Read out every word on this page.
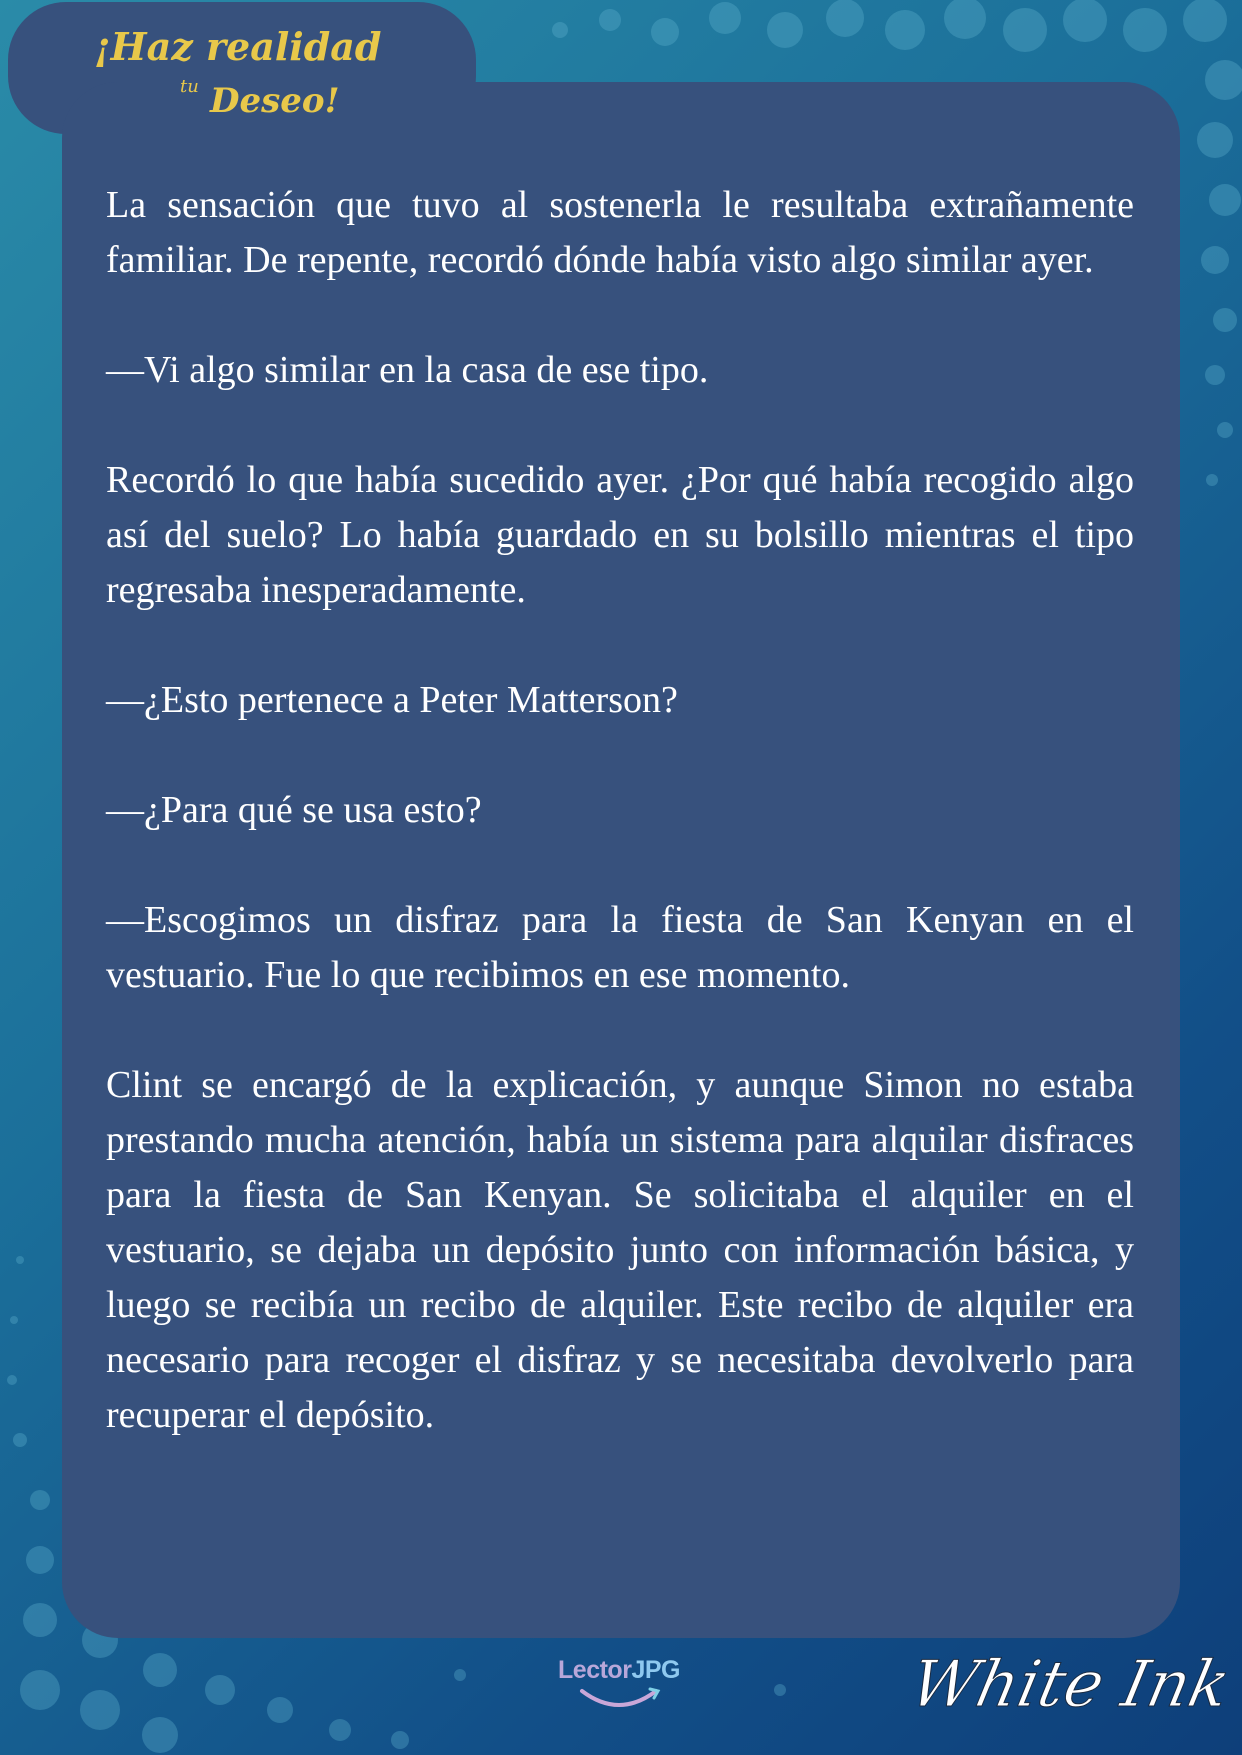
¡Haz realidad
tu Deseo!

La sensación que tuvo al sostenerla le resultaba extrañamente familiar. De repente, recordó dónde había visto algo similar ayer.

—Vi algo similar en la casa de ese tipo.

Recordó lo que había sucedido ayer. ¿Por qué había recogido algo así del suelo? Lo había guardado en su bolsillo mientras el tipo regresaba inesperadamente.

—¿Esto pertenece a Peter Matterson?

—¿Para qué se usa esto?

—Escogimos un disfraz para la fiesta de San Kenyan en el vestuario. Fue lo que recibimos en ese momento.

Clint se encargó de la explicación, y aunque Simon no estaba prestando mucha atención, había un sistema para alquilar disfraces para la fiesta de San Kenyan. Se solicitaba el alquiler en el vestuario, se dejaba un depósito junto con información básica, y luego se recibía un recibo de alquiler. Este recibo de alquiler era necesario para recoger el disfraz y se necesitaba devolverlo para recuperar el depósito.

LectorJPG	White Ink
